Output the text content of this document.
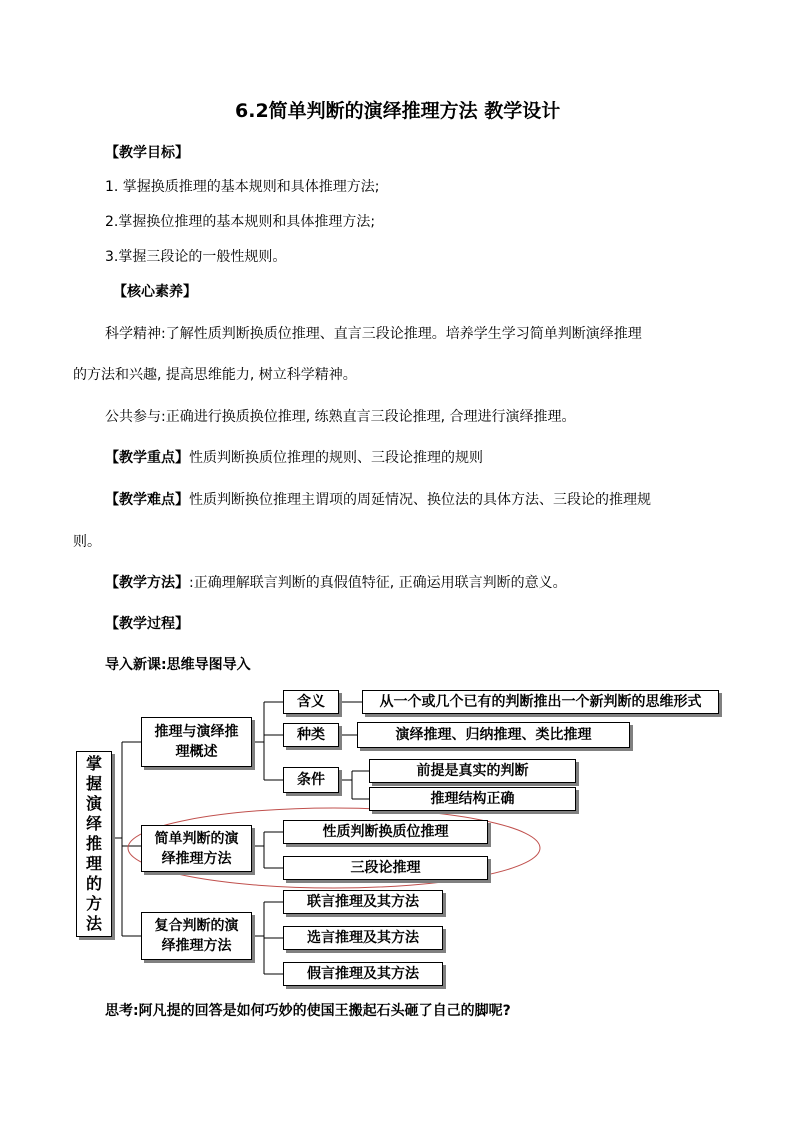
6.2简单判断的演绎推理方法 教学设计
【教学目标】
1. 掌握换质推理的基本规则和具体推理方法;
2.掌握换位推理的基本规则和具体推理方法;
3.掌握三段论的一般性规则。
【核心素养】
科学精神:了解性质判断换质位推理、直言三段论推理。培养学生学习简单判断演绎推理
的方法和兴趣, 提高思维能力, 树立科学精神。
公共参与:正确进行换质换位推理, 练熟直言三段论推理, 合理进行演绎推理。
【教学重点】性质判断换质位推理的规则、三段论推理的规则
【教学难点】性质判断换位推理主谓项的周延情况、换位法的具体方法、三段论的推理规
则。
【教学方法】:正确理解联言判断的真假值特征, 正确运用联言判断的意义。
【教学过程】
导入新课:思维导图导入
掌
握
演
绎
推
理
的
方
法
推理与演绎推
理概述
简单判断的演
绎推理方法
复合判断的演
绎推理方法
含义
种类
条件
从一个或几个已有的判断推出一个新判断的思维形式
演绎推理、归纳推理、类比推理
前提是真实的判断
推理结构正确
性质判断换质位推理
三段论推理
联言推理及其方法
选言推理及其方法
假言推理及其方法
思考:阿凡提的回答是如何巧妙的使国王搬起石头砸了自己的脚呢?
